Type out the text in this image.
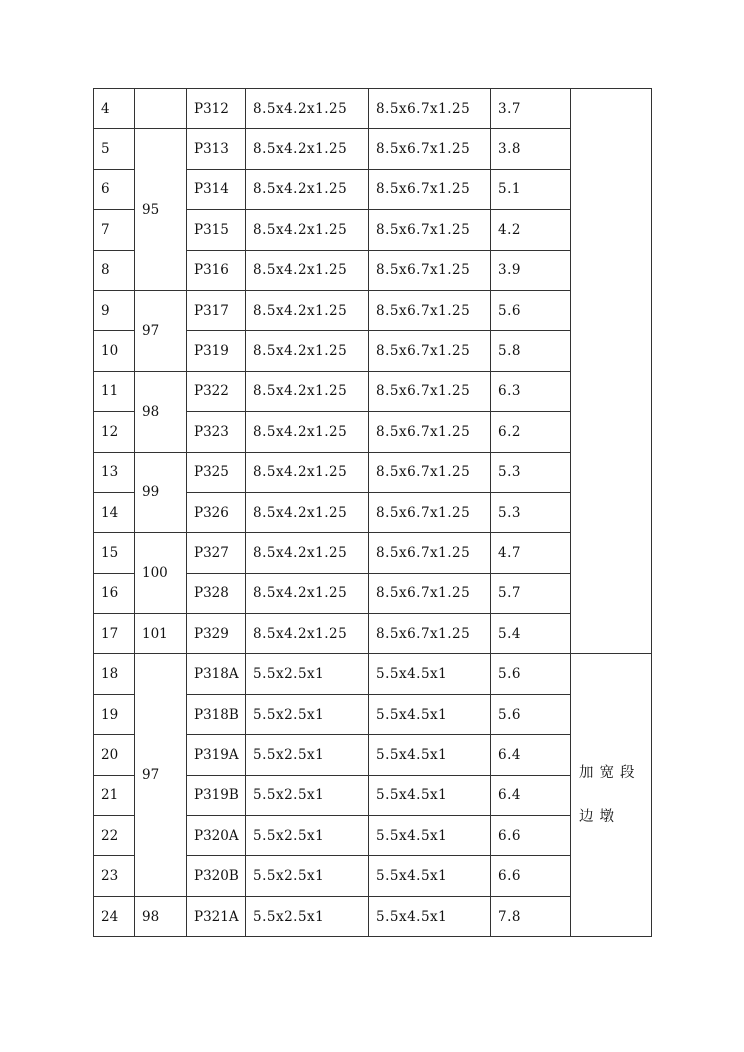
4		P312	8.5x4.2x1.25	8.5x6.7x1.25	3.7	
5	95	P313	8.5x4.2x1.25	8.5x6.7x1.25	3.8	
6		P314	8.5x4.2x1.25	8.5x6.7x1.25	5.1	
7		P315	8.5x4.2x1.25	8.5x6.7x1.25	4.2	
8		P316	8.5x4.2x1.25	8.5x6.7x1.25	3.9	
9	97	P317	8.5x4.2x1.25	8.5x6.7x1.25	5.6	
10		P319	8.5x4.2x1.25	8.5x6.7x1.25	5.8	
11	98	P322	8.5x4.2x1.25	8.5x6.7x1.25	6.3	
12		P323	8.5x4.2x1.25	8.5x6.7x1.25	6.2	
13	99	P325	8.5x4.2x1.25	8.5x6.7x1.25	5.3	
14		P326	8.5x4.2x1.25	8.5x6.7x1.25	5.3	
15	100	P327	8.5x4.2x1.25	8.5x6.7x1.25	4.7	
16		P328	8.5x4.2x1.25	8.5x6.7x1.25	5.7	
17	101	P329	8.5x4.2x1.25	8.5x6.7x1.25	5.4	
18	97	P318A	5.5x2.5x1	5.5x4.5x1	5.6	加宽段边墩
19		P318B	5.5x2.5x1	5.5x4.5x1	5.6	
20		P319A	5.5x2.5x1	5.5x4.5x1	6.4	
21		P319B	5.5x2.5x1	5.5x4.5x1	6.4	
22		P320A	5.5x2.5x1	5.5x4.5x1	6.6	
23		P320B	5.5x2.5x1	5.5x4.5x1	6.6	
24	98	P321A	5.5x2.5x1	5.5x4.5x1	7.8	
